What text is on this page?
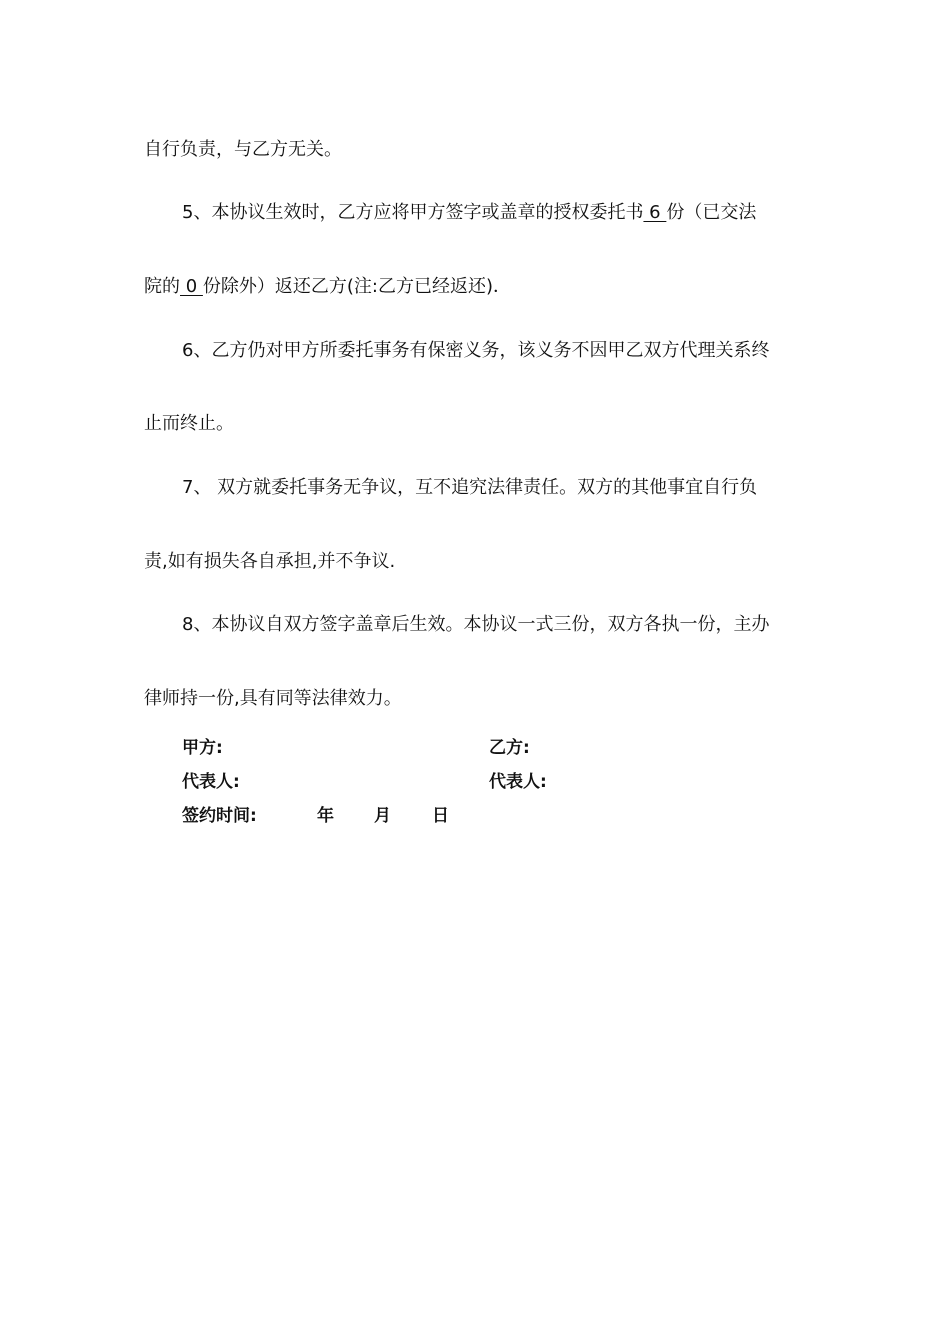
自行负责，与乙方无关。
5、本协议生效时，乙方应将甲方签字或盖章的授权委托书 6 份（已交法
院的 0 份除外）返还乙方(注:乙方已经返还)．
6、乙方仍对甲方所委托事务有保密义务，该义务不因甲乙双方代理关系终
止而终止。
7、 双方就委托事务无争议，互不追究法律责任。双方的其他事宜自行负
责,如有损失各自承担,并不争议.
8、本协议自双方签字盖章后生效。本协议一式三份，双方各执一份，主办
律师持一份,具有同等法律效力。
甲方:	乙方:
代表人:	代表人:
签约时间:	年 月 日
